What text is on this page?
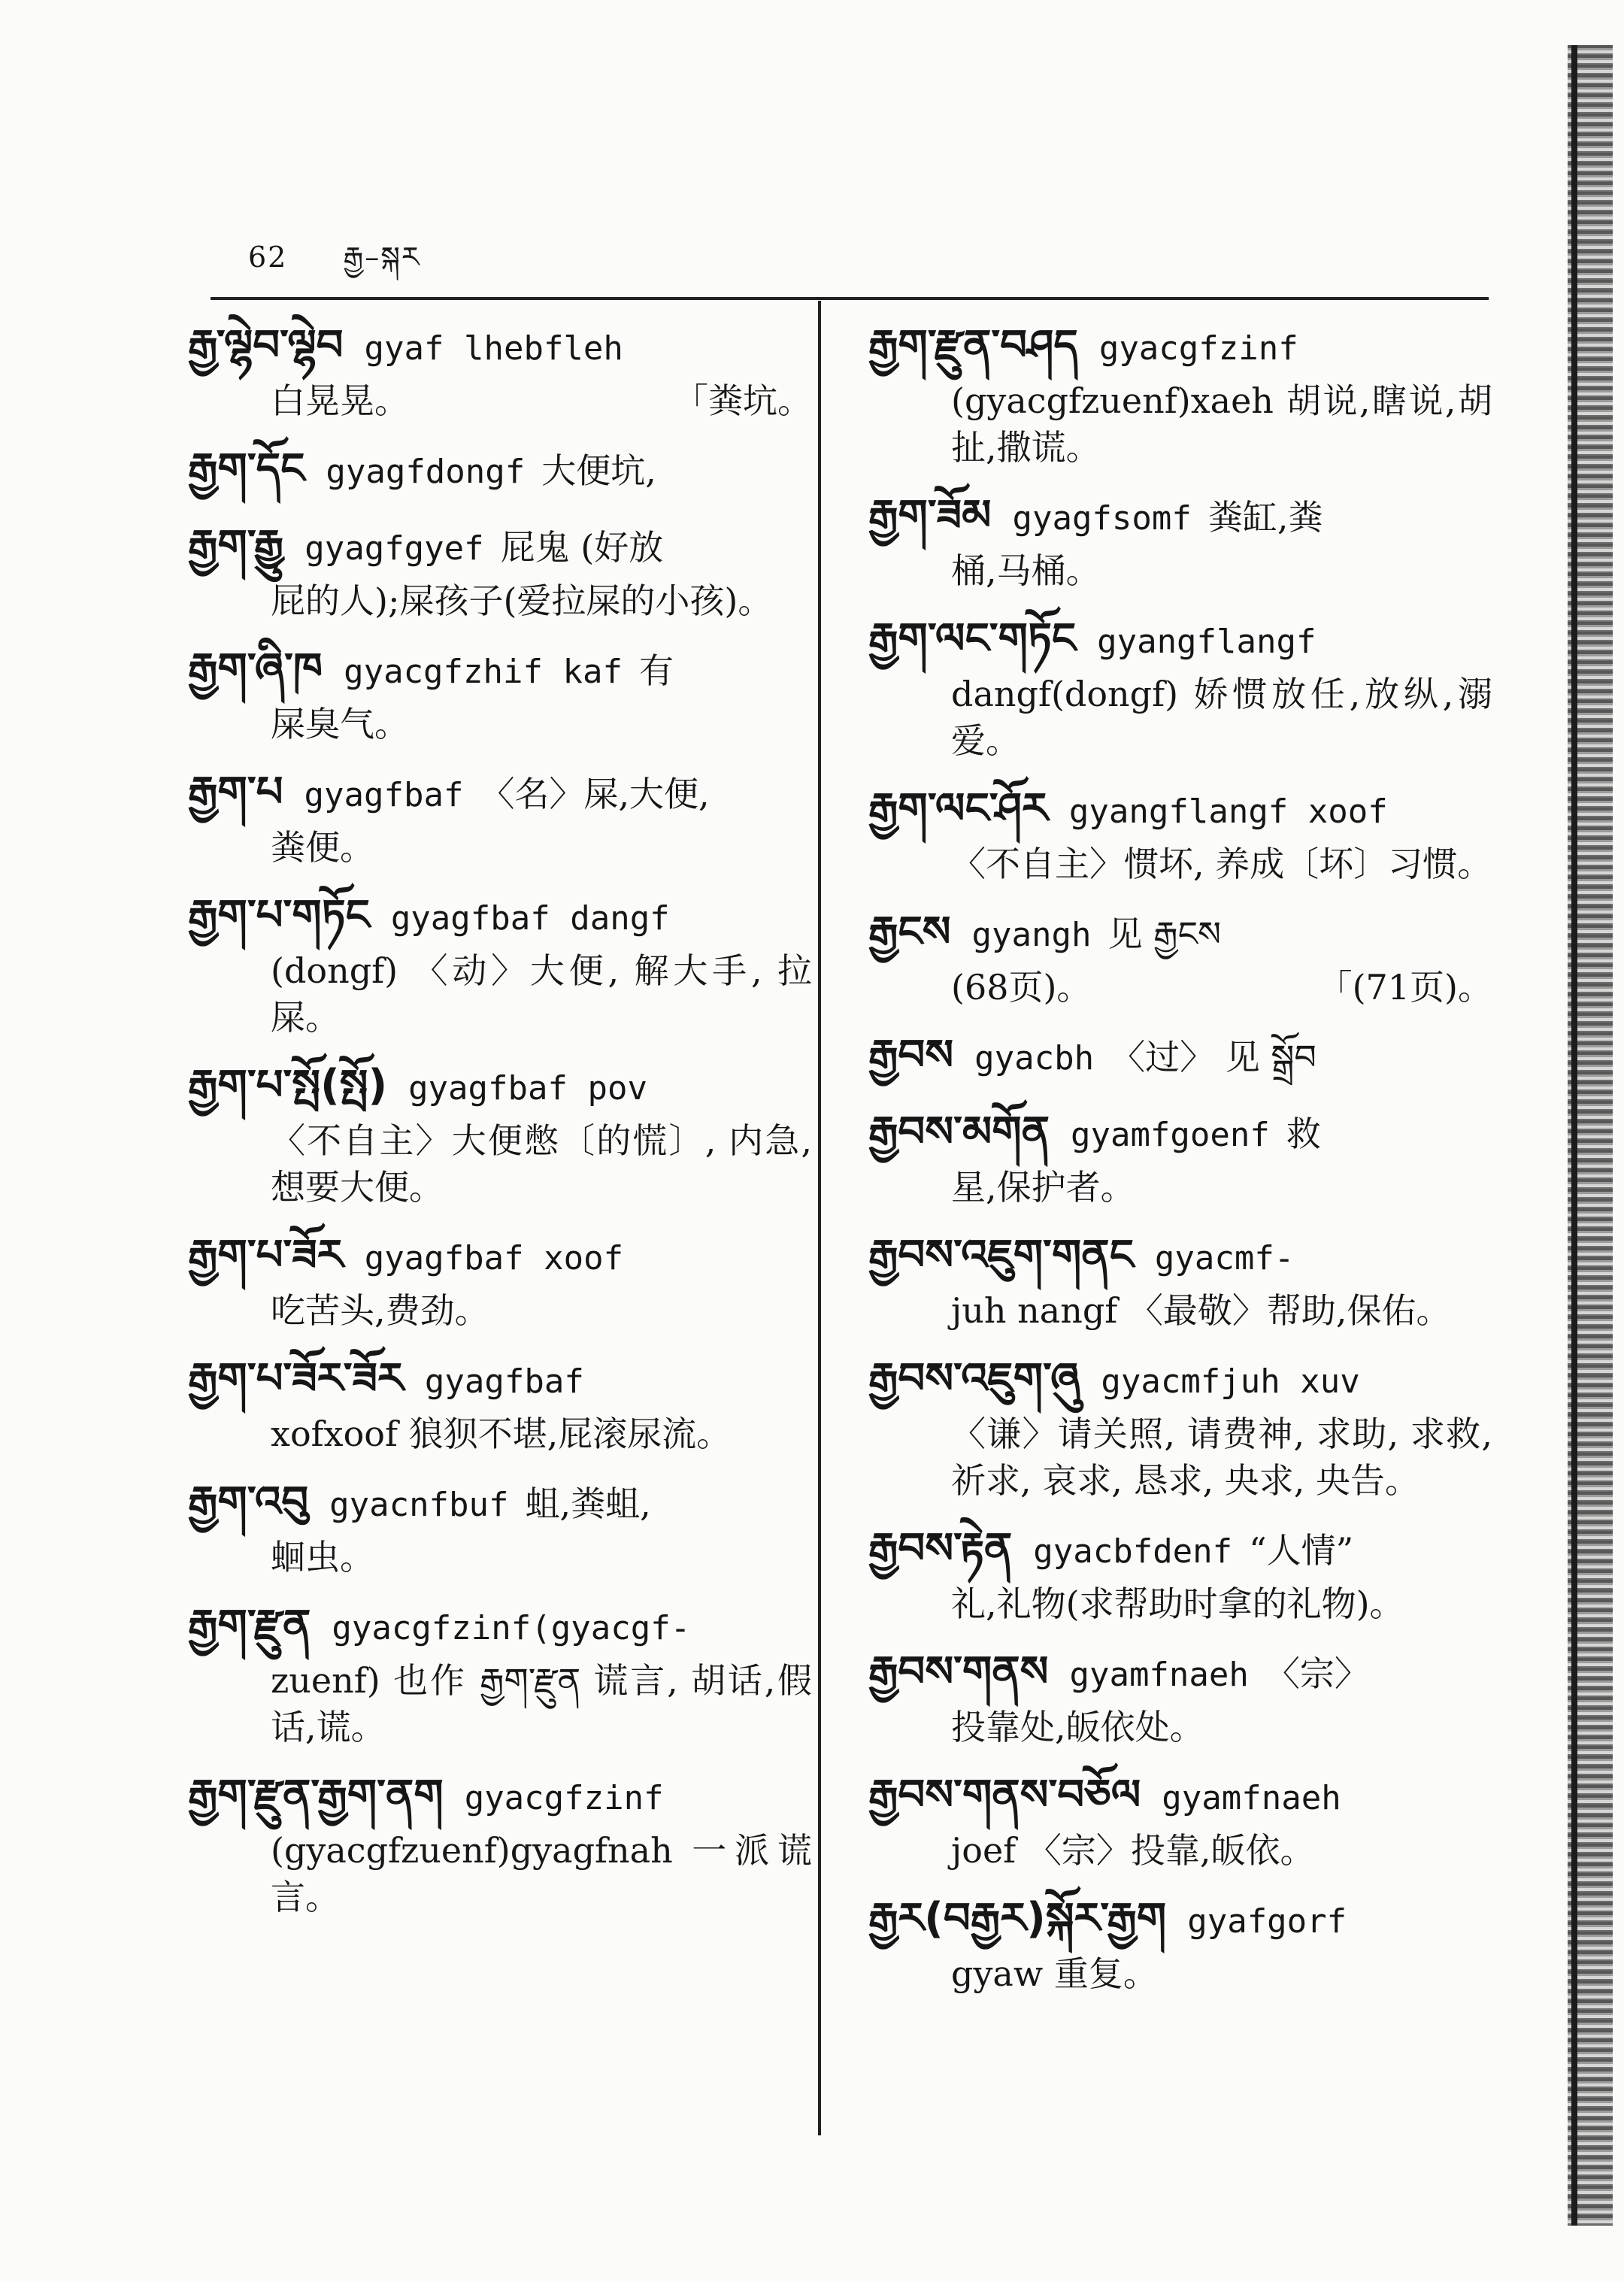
62 རྒྱ–སྐར
རྒྱ་ལྷེབ་ལྷེབ gyaf lhebfleh
白晃晃。	「粪坑。
རྒྱག་དོང gyagfdongf 大便坑,
རྒྱག་རྒྱུ gyagfgyef 屁鬼 (好放
屁的人);屎孩子(爱拉屎的小孩)。
རྒྱག་ཞི་ཁ gyacgfzhif kaf 有
屎臭气。
རྒྱག་པ gyagfbaf 〈名〉屎,大便,
粪便。
རྒྱག་པ་གཏོང gyagfbaf dangf
(dongf) 〈动〉大便, 解大手, 拉屎。
རྒྱག་པ་སྤོ(སྤོ) gyagfbaf pov
〈不自主〉大便憋〔的慌〕, 内急, 想要大便。
རྒྱག་པ་ཟོར gyagfbaf xoof
吃苦头,费劲。
རྒྱག་པ་ཟོར་ཟོར gyagfbaf
xofxoof 狼狈不堪,屁滚尿流。
རྒྱག་འབུ gyacnfbuf 蛆,粪蛆,
蛔虫。
རྒྱག་རྫུན gyacgfzinf(gyacgf-
zuenf) 也作 རྒྱག་རྫུན 谎言, 胡话,假话,谎。
རྒྱག་རྫུན་རྒྱག་ནག gyacgfzinf
(gyacgfzuenf)gyagfnah 一派谎言。
རྒྱག་རྫུན་བཤད gyacgfzinf
(gyacgfzuenf)xaeh 胡说,瞎说,胡扯,撒谎。
རྒྱག་ཟོམ gyagfsomf 粪缸,粪
桶,马桶。
རྒྱག་ལང་གཏོང gyangflangf
dangf(dongf) 娇惯放任,放纵,溺爱。
རྒྱག་ལང་ཤོར gyangflangf xoof
〈不自主〉惯坏, 养成〔坏〕习惯。
རྒྱངས gyangh 见 རྒྱངས
(68页)。	「(71页)。
རྒྱབས gyacbh 〈过〉 见 སྒྲོབ
རྒྱབས་མགོན gyamfgoenf 救
星,保护者。
རྒྱབས་འཇུག་གནང gyacmf-
juh nangf 〈最敬〉帮助,保佑。
རྒྱབས་འཇུག་ཞུ gyacmfjuh xuv
〈谦〉请关照, 请费神, 求助, 求救, 祈求, 哀求, 恳求, 央求, 央告。
རྒྱབས་རྟེན gyacbfdenf “人情”
礼,礼物(求帮助时拿的礼物)。
རྒྱབས་གནས gyamfnaeh 〈宗〉
投靠处,皈依处。
རྒྱབས་གནས་བཅོལ gyamfnaeh
joef 〈宗〉投靠,皈依。
རྒྱར(བརྒྱར)སྐོར་རྒྱག gyafgorf
gyaw 重复。
